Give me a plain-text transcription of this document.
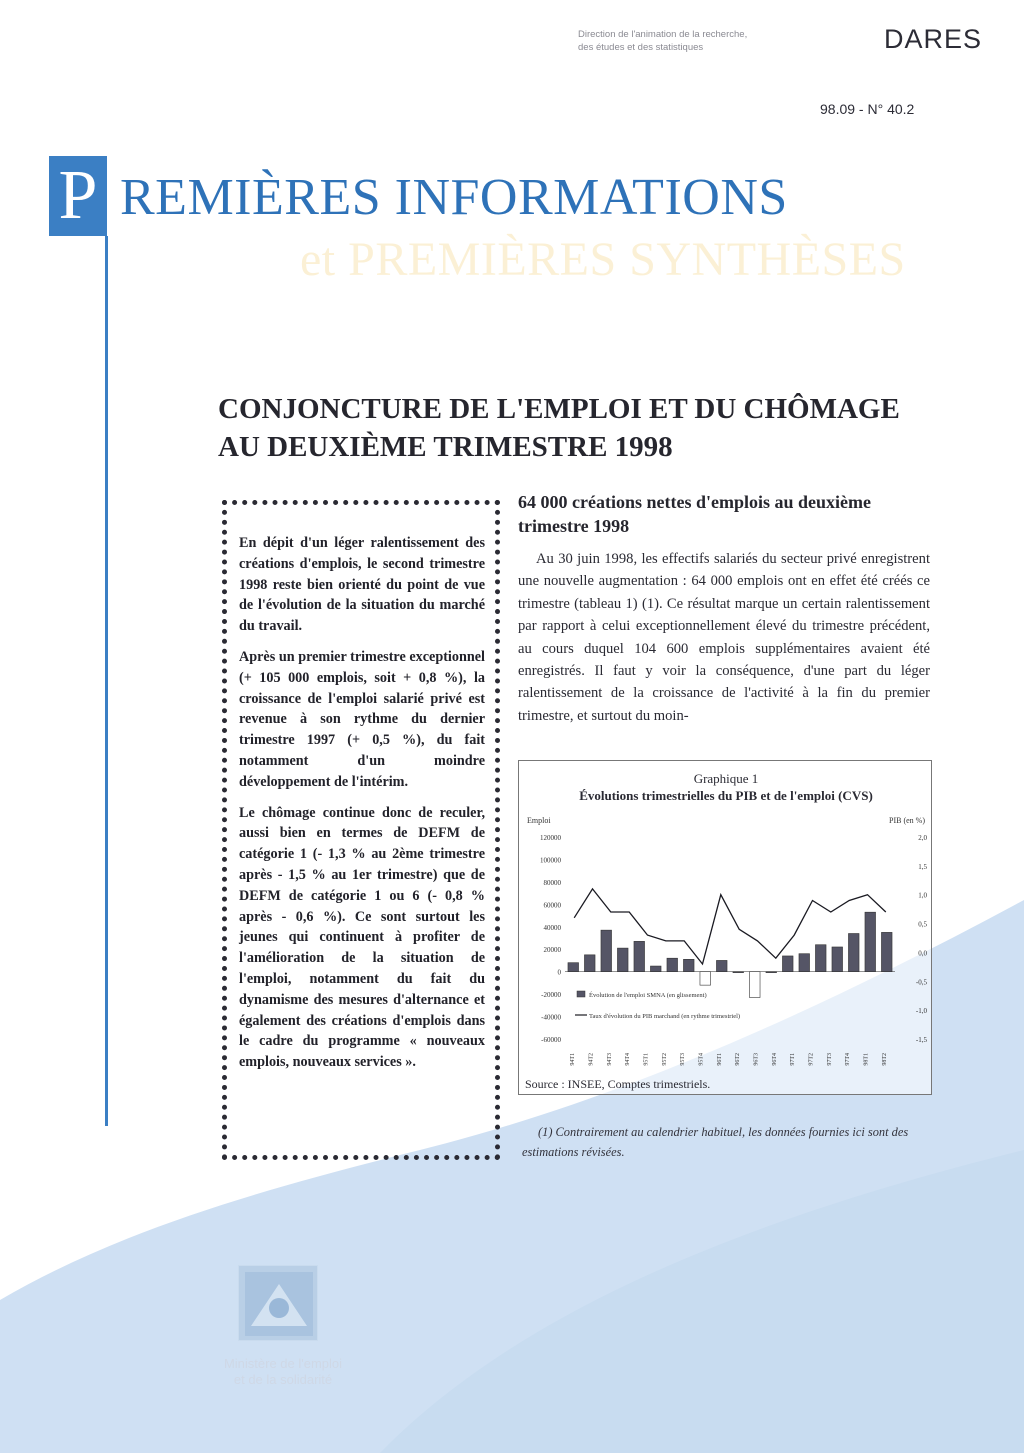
Direction de l'animation de la recherche,
des études et des statistiques	DARES
98.09 - N° 40.2
P REMIÈRES INFORMATIONS
et PREMIÈRES SYNTHÈSES
CONJONCTURE DE L'EMPLOI ET DU CHÔMAGE
AU DEUXIÈME TRIMESTRE 1998

En dépit d'un léger ralentissement des créations d'emplois, le second trimestre 1998 reste bien orienté du point de vue de l'évolution de la situation du marché du travail.

Après un premier trimestre exceptionnel (+ 105 000 emplois, soit + 0,8 %), la croissance de l'emploi salarié privé est revenue à son rythme du dernier trimestre 1997 (+ 0,5 %), du fait notamment d'un moindre développement de l'intérim.

Le chômage continue donc de reculer, aussi bien en termes de DEFM de catégorie 1 (- 1,3 % au 2ème trimestre après - 1,5 % au 1er trimestre) que de DEFM de catégorie 1 ou 6 (- 0,8 % après - 0,6 %). Ce sont surtout les jeunes qui continuent à profiter de l'amélioration de la situation de l'emploi, notamment du fait du dynamisme des mesures d'alternance et également des créations d'emplois dans le cadre du programme « nouveaux emplois, nouveaux services ».

64 000 créations nettes d'emplois au deuxième trimestre 1998
Au 30 juin 1998, les effectifs salariés du secteur privé enregistrent une nouvelle augmentation : 64 000 emplois ont en effet été créés ce trimestre (tableau 1) (1). Ce résultat marque un certain ralentissement par rapport à celui exceptionnellement élevé du trimestre précédent, au cours duquel 104 600 emplois supplémentaires avaient été enregistrés. Il faut y voir la conséquence, d'une part du léger ralentissement de la croissance de l'activité à la fin du premier trimestre, et surtout du moin-
Graphique 1
Évolutions trimestrielles du PIB et de l'emploi (CVS)
Emploi	PIB (en %)
120000
100000
80000
60000
40000
20000
0
-20000
-40000
-60000
2,0
1,5
1,0
0,5
0,0
-0,5
-1,0
-1,5
94T1 94T2 94T3 94T4 95T1 95T2 95T3 95T4 96T1 96T2 96T3 96T4 97T1 97T2 97T3 97T4 98T1 98T2
Évolution de l'emploi SMNA (en glissement)
Taux d'évolution du PIB marchand (en rythme trimestriel)
Source : INSEE, Comptes trimestriels.
(1) Contrairement au calendrier habituel, les données fournies ici sont des estimations révisées.
Ministère de l'emploi
et de la solidarité
